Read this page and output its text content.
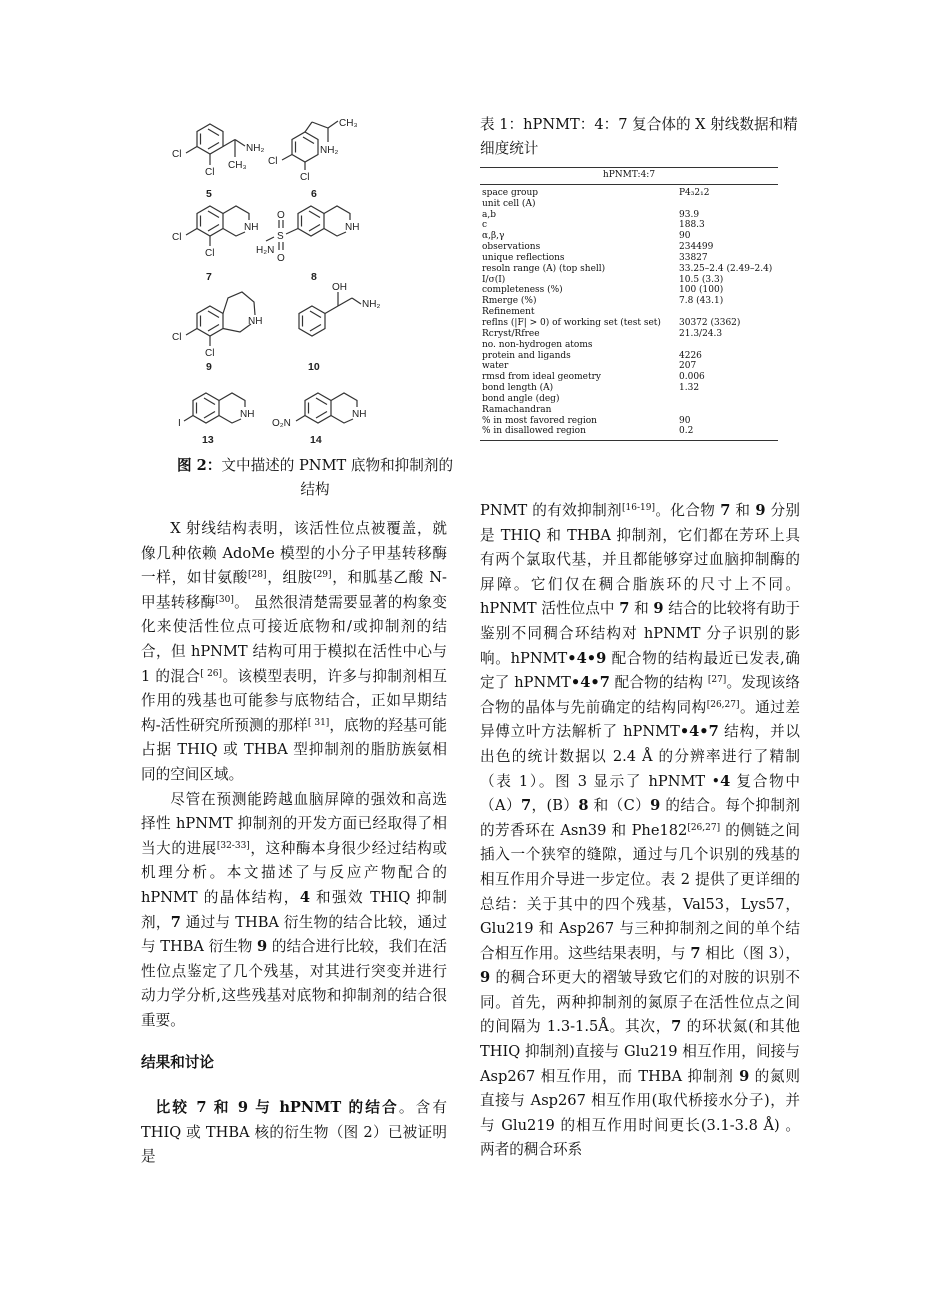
Cl
Cl
NH₂
CH₃ Cl
Cl
CH₃
NH₂
Cl
Cl
NH
H₂N
S
O
O
NH
Cl
Cl
NH
OH
NH₂
I
NH
O₂N
NH
5	6
7	8
9	10
13	14
图 2：文中描述的 PNMT 底物和抑制剂的结构
表 1：hPNMT：4：7 复合体的 X 射线数据和精细度统计
hPNMT:4:7
space group	P4₃2₁2
unit cell (Å)
a,b	93.9
c	188.3
α,β,γ	90
observations	234499
unique reflections	33827
resoln range (Å) (top shell)	33.25–2.4 (2.49–2.4)
I/σ(I)	10.5 (3.3)
completeness (%)	100 (100)
Rmerge (%)	7.8 (43.1)
Refinement
reflns (|F| > 0) of working set (test set)	30372 (3362)
Rcryst/Rfree	21.3/24.3
no. non-hydrogen atoms
protein and ligands	4226
water	207
rmsd from ideal geometry	0.006
bond length (Å)	1.32
bond angle (deg)
Ramachandran
% in most favored region	90
% in disallowed region	0.2

X 射线结构表明，该活性位点被覆盖，就像几种依赖 AdoMe 模型的小分子甲基转移酶一样，如甘氨酸[28]，组胺[29]，和胍基乙酸 N-甲基转移酶[30]。 虽然很清楚需要显著的构象变化来使活性位点可接近底物和/或抑制剂的结合，但 hPNMT 结构可用于模拟在活性中心与 1 的混合[ 26]。该模型表明，许多与抑制剂相互作用的残基也可能参与底物结合，正如早期结构-活性研究所预测的那样[ 31]，底物的羟基可能占据 THIQ 或 THBA 型抑制剂的脂肪族氨相同的空间区域。

尽管在预测能跨越血脑屏障的强效和高选择性 hPNMT 抑制剂的开发方面已经取得了相当大的进展[32-33]，这种酶本身很少经过结构或机理分析。本文描述了与反应产物配合的 hPNMT 的晶体结构，4 和强效 THIQ 抑制剂，7 通过与 THBA 衍生物的结合比较，通过与 THBA 衍生物 9 的结合进行比较，我们在活性位点鉴定了几个残基，对其进行突变并进行动力学分析,这些残基对底物和抑制剂的结合很重要。

结果和讨论

比较 7 和 9 与 hPNMT 的结合。含有 THIQ 或 THBA 核的衍生物（图 2）已被证明是

PNMT 的有效抑制剂[16-19]。化合物 7 和 9 分别是 THIQ 和 THBA 抑制剂，它们都在芳环上具有两个氯取代基，并且都能够穿过血脑抑制酶的屏障。它们仅在稠合脂族环的尺寸上不同。hPNMT 活性位点中 7 和 9 结合的比较将有助于鉴别不同稠合环结构对 hPNMT 分子识别的影响。hPNMT•4•9 配合物的结构最近已发表,确定了 hPNMT•4•7 配合物的结构 [27]。发现该络合物的晶体与先前确定的结构同构[26,27]。通过差异傅立叶方法解析了 hPNMT•4•7 结构，并以出色的统计数据以 2.4 Å 的分辨率进行了精制（表 1）。图 3 显示了 hPNMT •4 复合物中（A）7，(B）8 和（C）9 的结合。每个抑制剂的芳香环在 Asn39 和 Phe182[26,27] 的侧链之间插入一个狭窄的缝隙，通过与几个识别的残基的相互作用介导进一步定位。表 2 提供了更详细的总结：关于其中的四个残基，Val53，Lys57，Glu219 和 Asp267 与三种抑制剂之间的单个结合相互作用。这些结果表明，与 7 相比（图 3），9 的稠合环更大的褶皱导致它们的对胺的识别不同。首先，两种抑制剂的氮原子在活性位点之间的间隔为 1.3-1.5Å。其次，7 的环状氮(和其他 THIQ 抑制剂)直接与 Glu219 相互作用，间接与 Asp267 相互作用，而 THBA 抑制剂 9 的氮则直接与 Asp267 相互作用(取代桥接水分子)，并与 Glu219 的相互作用时间更长(3.1-3.8 Å) 。两者的稠合环系
